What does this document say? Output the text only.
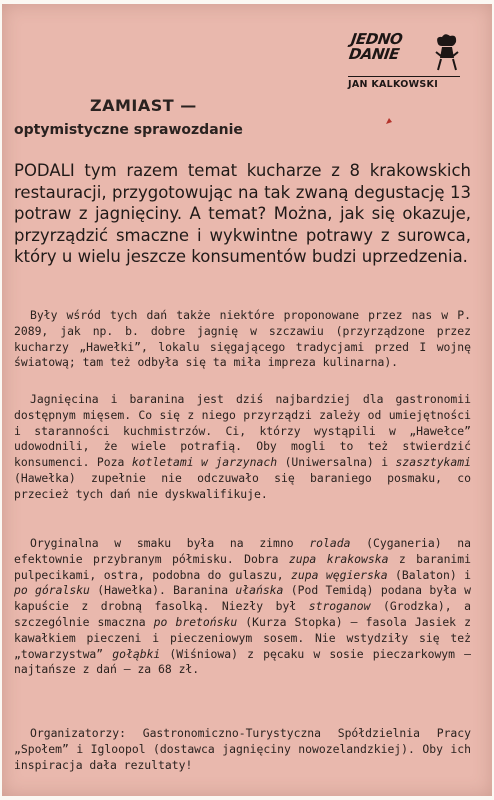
JEDNO DANIE
JAN KALKOWSKI
ZAMIAST —
optymistyczne sprawozdanie
PODALI tym razem temat kucharze z 8 krakowskich restauracji, przygotowując na tak zwaną degustację 13 potraw z jagnięciny. A temat? Można, jak się okazuje, przyrządzić smaczne i wykwintne potrawy z surowca, który u wielu jeszcze konsumentów budzi uprzedzenia.

Były wśród tych dań także niektóre proponowane przez nas w P. 2089, jak np. b. dobre jagnię w szczawiu (przyrządzone przez kucharzy „Hawełki”, lokalu sięgającego tradycjami przed I wojnę światową; tam też odbyła się ta miła impreza kulinarna).

Jagnięcina i baranina jest dziś najbardziej dla gastronomii dostępnym mięsem. Co się z niego przyrządzi zależy od umiejętności i staranności kuchmistrzów. Ci, którzy wystąpili w „Hawełce” udowodnili, że wiele potrafią. Oby mogli to też stwierdzić konsumenci. Poza kotletami w jarzynach (Uniwersalna) i szasztykami (Hawełka) zupełnie nie odczuwało się baraniego posmaku, co przecież tych dań nie dyskwalifikuje.

Oryginalna w smaku była na zimno rolada (Cyganeria) na efektownie przybranym półmisku. Dobra zupa krakowska z baranimi pulpecikami, ostra, podobna do gulaszu, zupa węgierska (Balaton) i po góralsku (Hawełka). Baranina ułańska (Pod Temidą) podana była w kapuście z drobną fasolką. Niezły był stroganow (Grodzka), a szczególnie smaczna po bretońsku (Kurza Stopka) — fasola Jasiek z kawałkiem pieczeni i pieczeniowym sosem. Nie wstydziły się też „towarzystwa” gołąbki (Wiśniowa) z pęcaku w sosie pieczarkowym — najtańsze z dań — za 68 zł.

Organizatorzy: Gastronomiczno-Turystyczna Spółdzielnia Pracy „Społem” i Igloopol (dostawca jagnięciny nowozelandzkiej). Oby ich inspiracja dała rezultaty!
